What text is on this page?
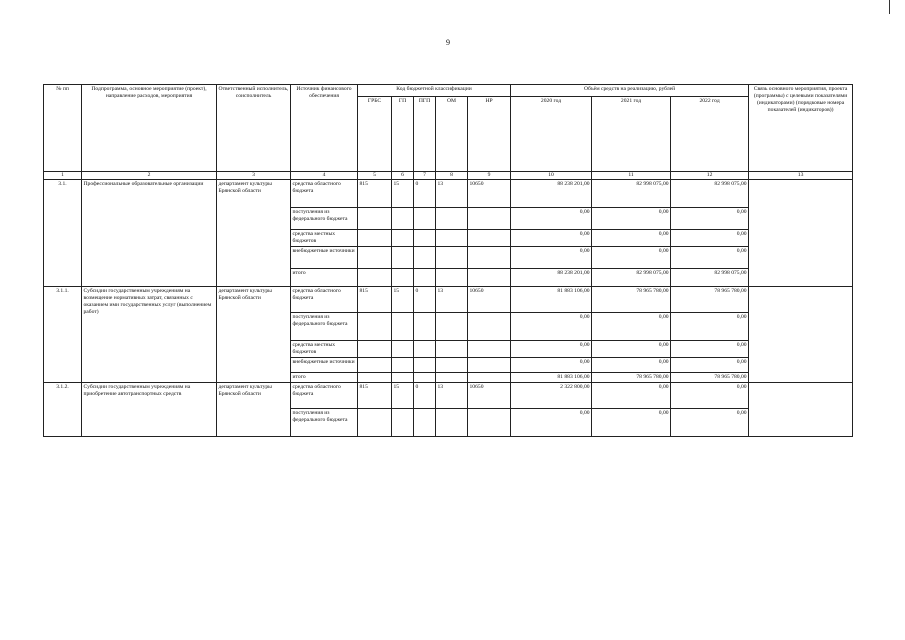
9
№ пп	Подпрограмма, основное мероприятие (проект), направление расходов, мероприятия	Ответственный исполнитель, соисполнитель	Источник финансового обеспечения	Код бюджетной классификации					Объём средств на реализацию, рублей			Связь основного мероприятия, проекта (программы) с целевыми показателями (индикаторами) (порядковые номера показателей (индикаторов))
				ГРБС	ГП	ПГП	ОМ	НР	2020 год	2021 год	2022 год	
1	2	3	4	5	6	7	8	9	10	11	12	13
3.1.	Профессиональные образовательные организации	департамент культуры Брянской области	средства областного бюджета	815	15	0	13	10650	88 238 201,00	82 998 075,00	82 998 075,00	
			поступления из федерального бюджета						0,00	0,00	0,00	
			средства местных бюджетов						0,00	0,00	0,00	
			внебюджетные источники						0,00	0,00	0,00	
			итого						88 238 201,00	82 998 075,00	82 998 075,00	
3.1.1.	Субсидии государственным учреждениям на возмещение нормативных затрат, связанных с оказанием ими государственных услуг (выполнением работ)	департамент культуры Брянской области	средства областного бюджета	815	15	0	13	10650	81 883 106,00	78 965 780,00	78 965 780,00	
			поступления из федерального бюджета						0,00	0,00	0,00	
			средства местных бюджетов						0,00	0,00	0,00	
			внебюджетные источники						0,00	0,00	0,00	
			итого						81 883 106,00	78 965 780,00	78 965 780,00	
3.1.2.	Субсидии государственным учреждениям на приобретение автотранспортных средств	департамент культуры Брянской области	средства областного бюджета	815	15	0	13	10650	2 322 800,00	0,00	0,00	
			поступления из федерального бюджета						0,00	0,00	0,00	
